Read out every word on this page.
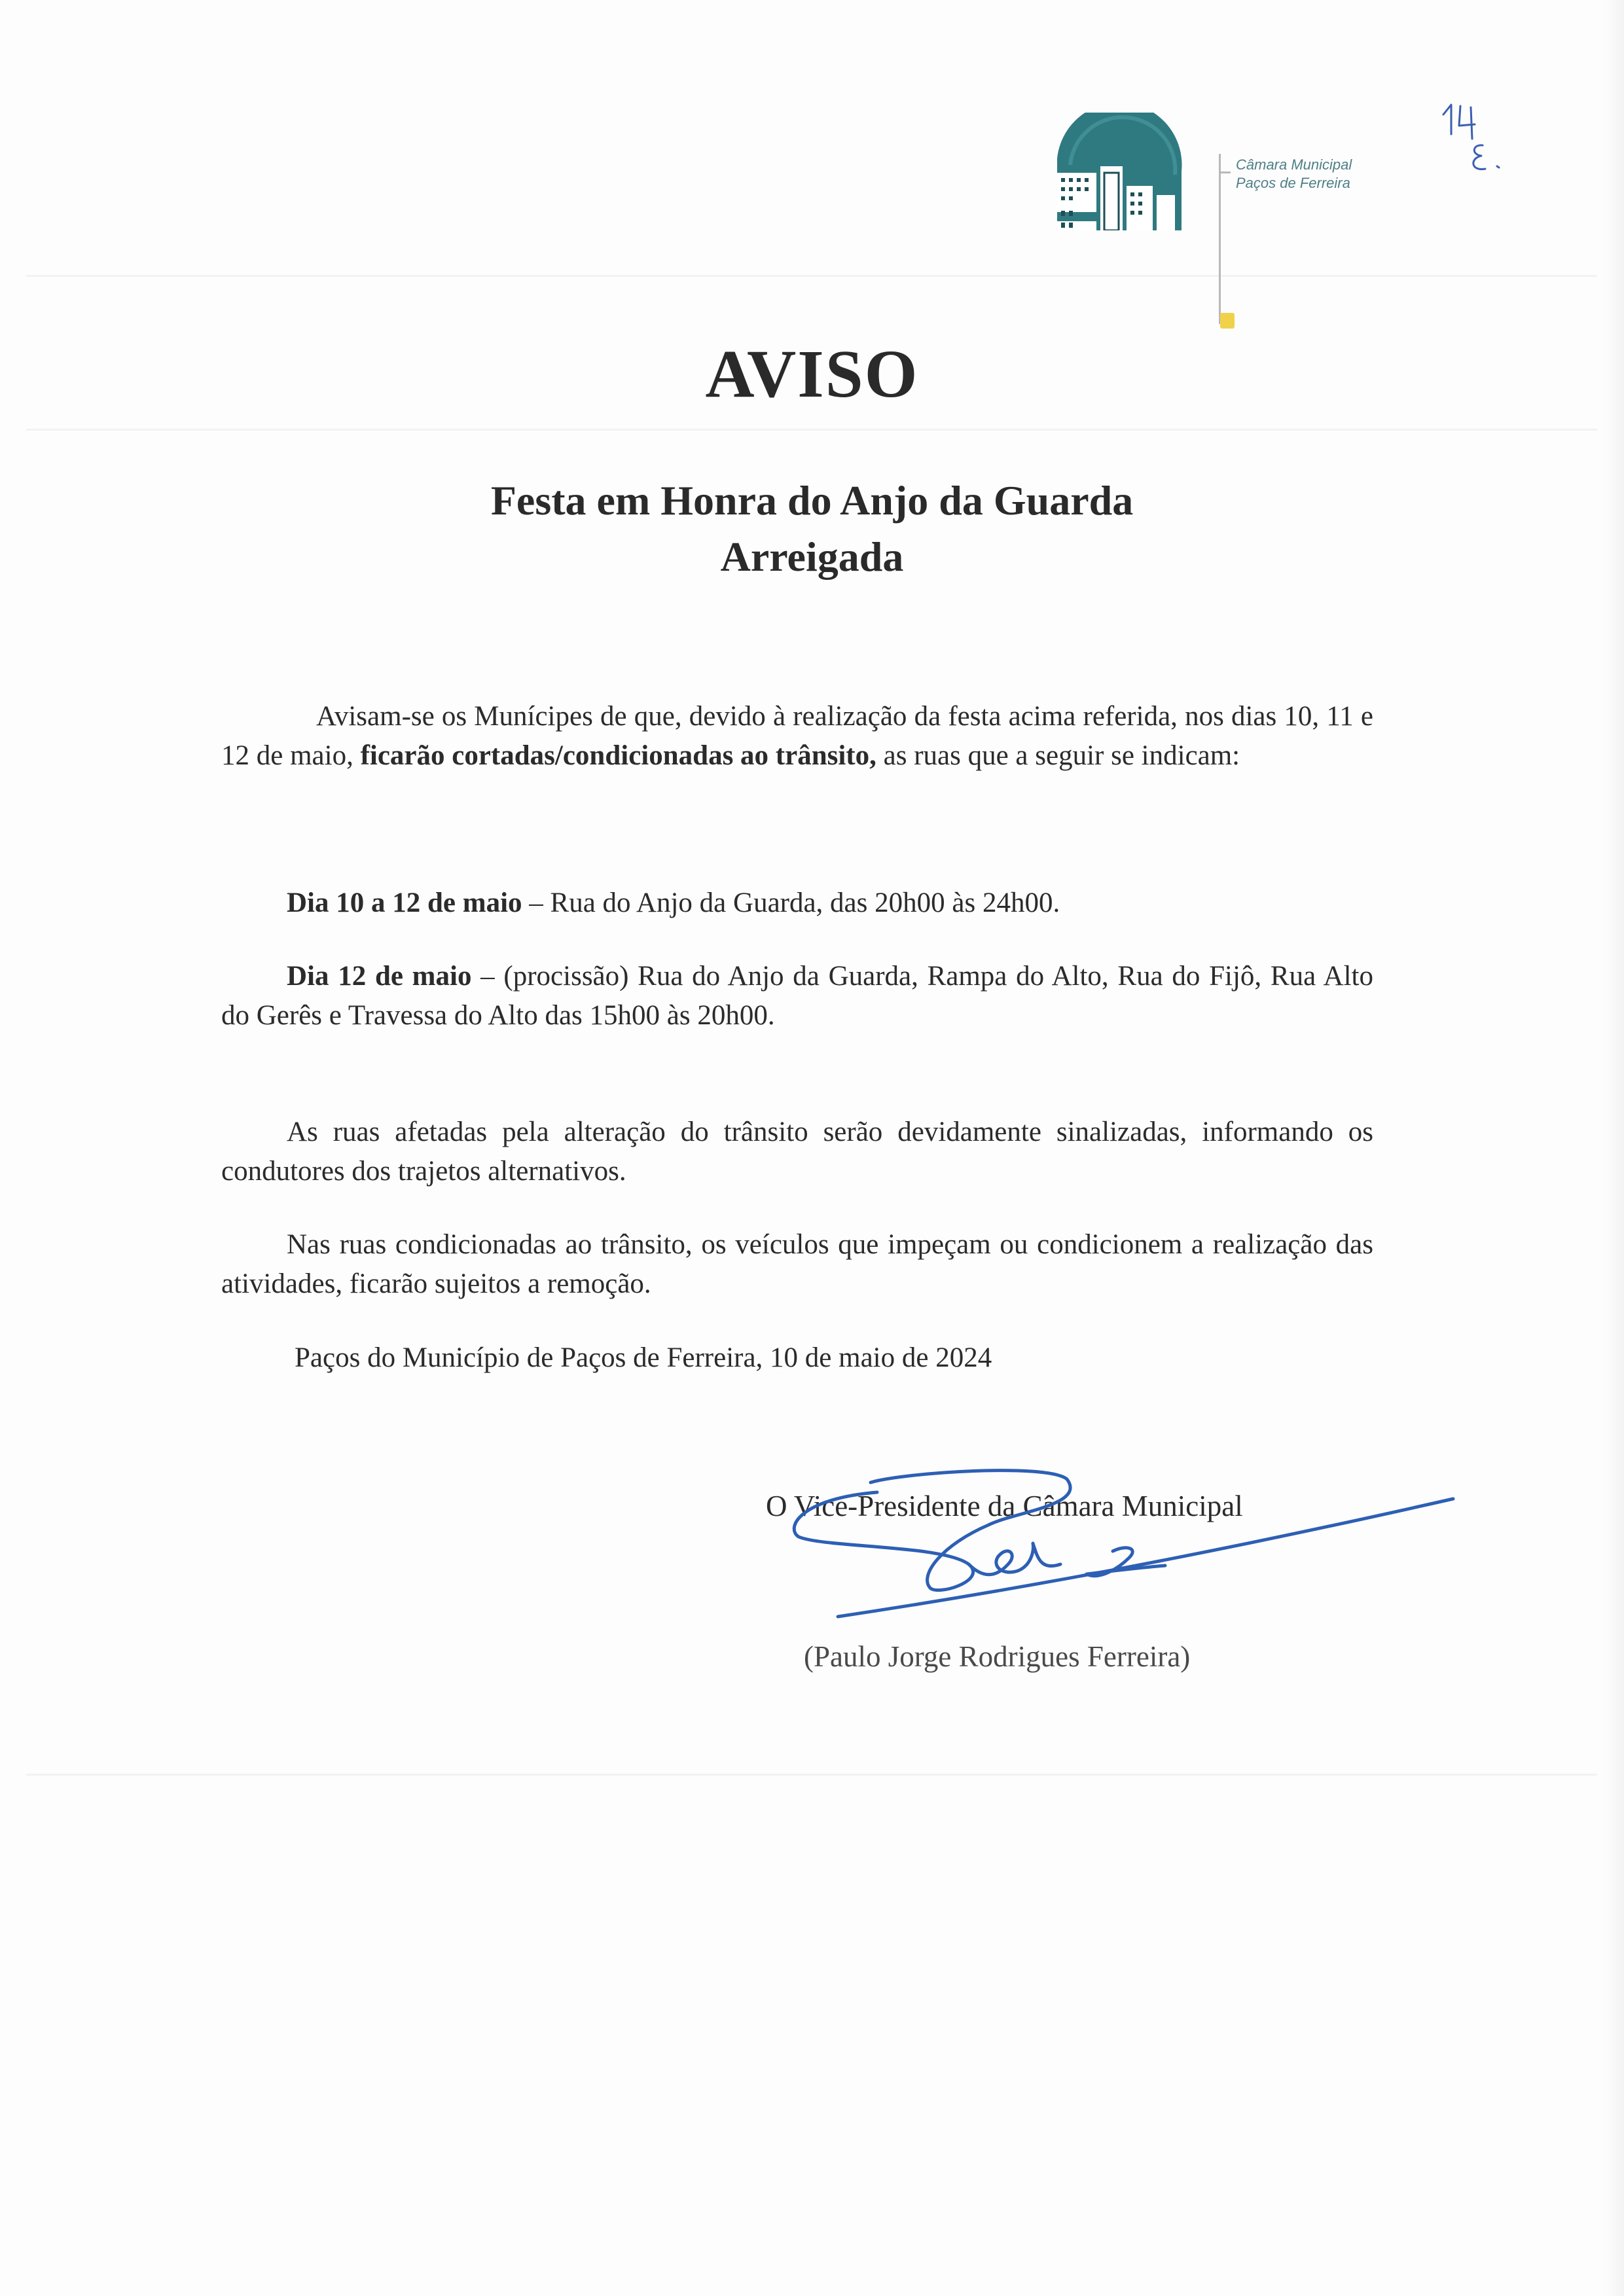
Câmara Municipal
Paços de Ferreira
AVISO
Festa em Honra do Anjo da Guarda
Arreigada

Avisam-se os Munícipes de que, devido à realização da festa acima referida, nos dias 10, 11 e 12 de maio, ficarão cortadas/condicionadas ao trânsito, as ruas que a seguir se indicam:

Dia 10 a 12 de maio – Rua do Anjo da Guarda, das 20h00 às 24h00.

Dia 12 de maio – (procissão) Rua do Anjo da Guarda, Rampa do Alto, Rua do Fijô, Rua Alto do Gerês e Travessa do Alto das 15h00 às 20h00.

As ruas afetadas pela alteração do trânsito serão devidamente sinalizadas, informando os condutores dos trajetos alternativos.

Nas ruas condicionadas ao trânsito, os veículos que impeçam ou condicionem a realização das atividades, ficarão sujeitos a remoção.

Paços do Município de Paços de Ferreira, 10 de maio de 2024

O Vice-Presidente da Câmara Municipal
(Paulo Jorge Rodrigues Ferreira)
